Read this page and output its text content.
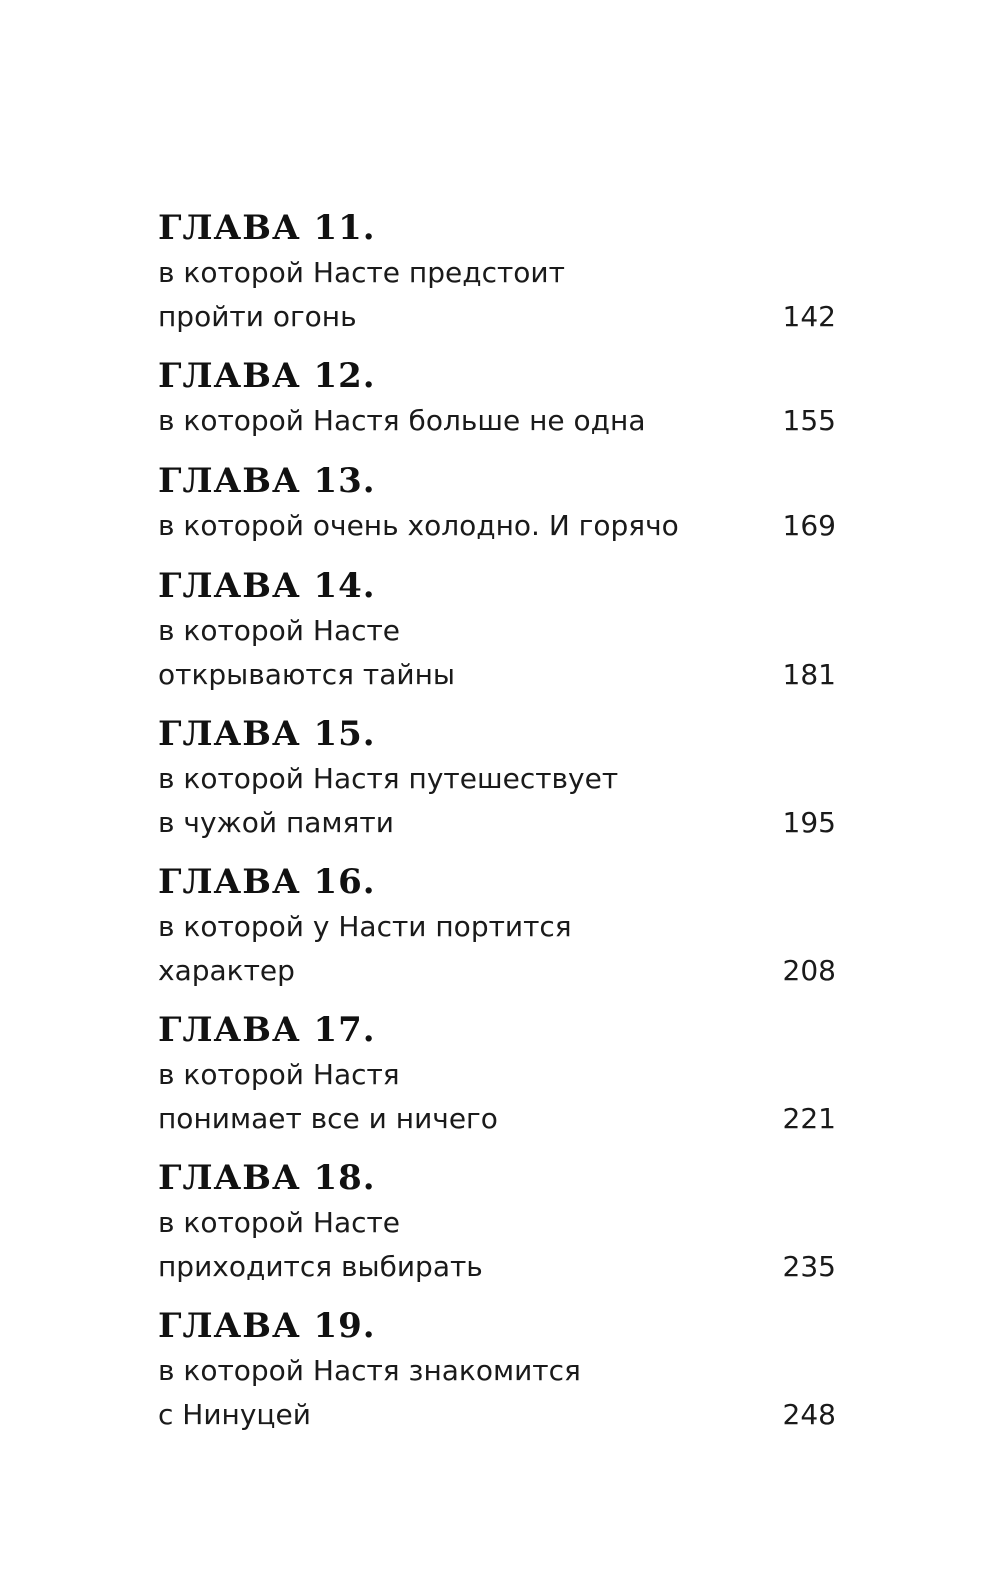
ГЛАВА 11.
в которой Насте предстоит
пройти огонь	142
ГЛАВА 12.
в которой Настя больше не одна	155
ГЛАВА 13.
в которой очень холодно. И горячо	169
ГЛАВА 14.
в которой Насте
открываются тайны	181
ГЛАВА 15.
в которой Настя путешествует
в чужой памяти	195
ГЛАВА 16.
в которой у Насти портится
характер	208
ГЛАВА 17.
в которой Настя
понимает все и ничего	221
ГЛАВА 18.
в которой Насте
приходится выбирать	235
ГЛАВА 19.
в которой Настя знакомится
с Нинуцей	248
